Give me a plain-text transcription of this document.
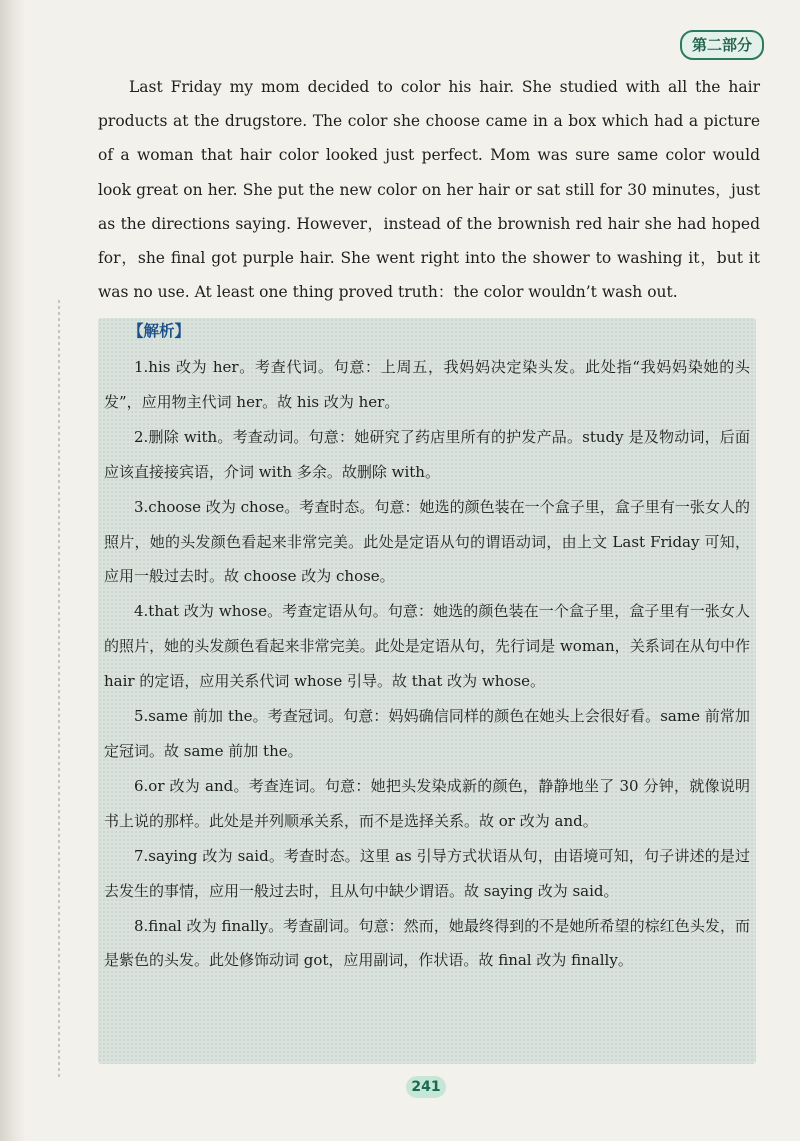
第二部分

Last Friday my mom decided to color his hair. She studied with all the hair products at the drugstore. The color she choose came in a box which had a picture of a woman that hair color looked just perfect. Mom was sure same color would look great on her. She put the new color on her hair or sat still for 30 minutes，just as the directions saying. However，instead of the brownish red hair she had hoped for，she final got purple hair. She went right into the shower to washing it，but it was no use. At least one thing proved truth：the color wouldn’t wash out.

【解析】

1.his 改为 her。考查代词。句意：上周五，我妈妈决定染头发。此处指“我妈妈染她的头发”，应用物主代词 her。故 his 改为 her。

2.删除 with。考查动词。句意：她研究了药店里所有的护发产品。study 是及物动词，后面应该直接接宾语，介词 with 多余。故删除 with。

3.choose 改为 chose。考查时态。句意：她选的颜色装在一个盒子里，盒子里有一张女人的照片，她的头发颜色看起来非常完美。此处是定语从句的谓语动词，由上文 Last Friday 可知，应用一般过去时。故 choose 改为 chose。

4.that 改为 whose。考查定语从句。句意：她选的颜色装在一个盒子里，盒子里有一张女人的照片，她的头发颜色看起来非常完美。此处是定语从句，先行词是 woman，关系词在从句中作 hair 的定语，应用关系代词 whose 引导。故 that 改为 whose。

5.same 前加 the。考查冠词。句意：妈妈确信同样的颜色在她头上会很好看。same 前常加定冠词。故 same 前加 the。

6.or 改为 and。考查连词。句意：她把头发染成新的颜色，静静地坐了 30 分钟，就像说明书上说的那样。此处是并列顺承关系，而不是选择关系。故 or 改为 and。

7.saying 改为 said。考查时态。这里 as 引导方式状语从句，由语境可知，句子讲述的是过去发生的事情，应用一般过去时，且从句中缺少谓语。故 saying 改为 said。

8.final 改为 finally。考查副词。句意：然而，她最终得到的不是她所希望的棕红色头发，而是紫色的头发。此处修饰动词 got，应用副词，作状语。故 final 改为 finally。

241
